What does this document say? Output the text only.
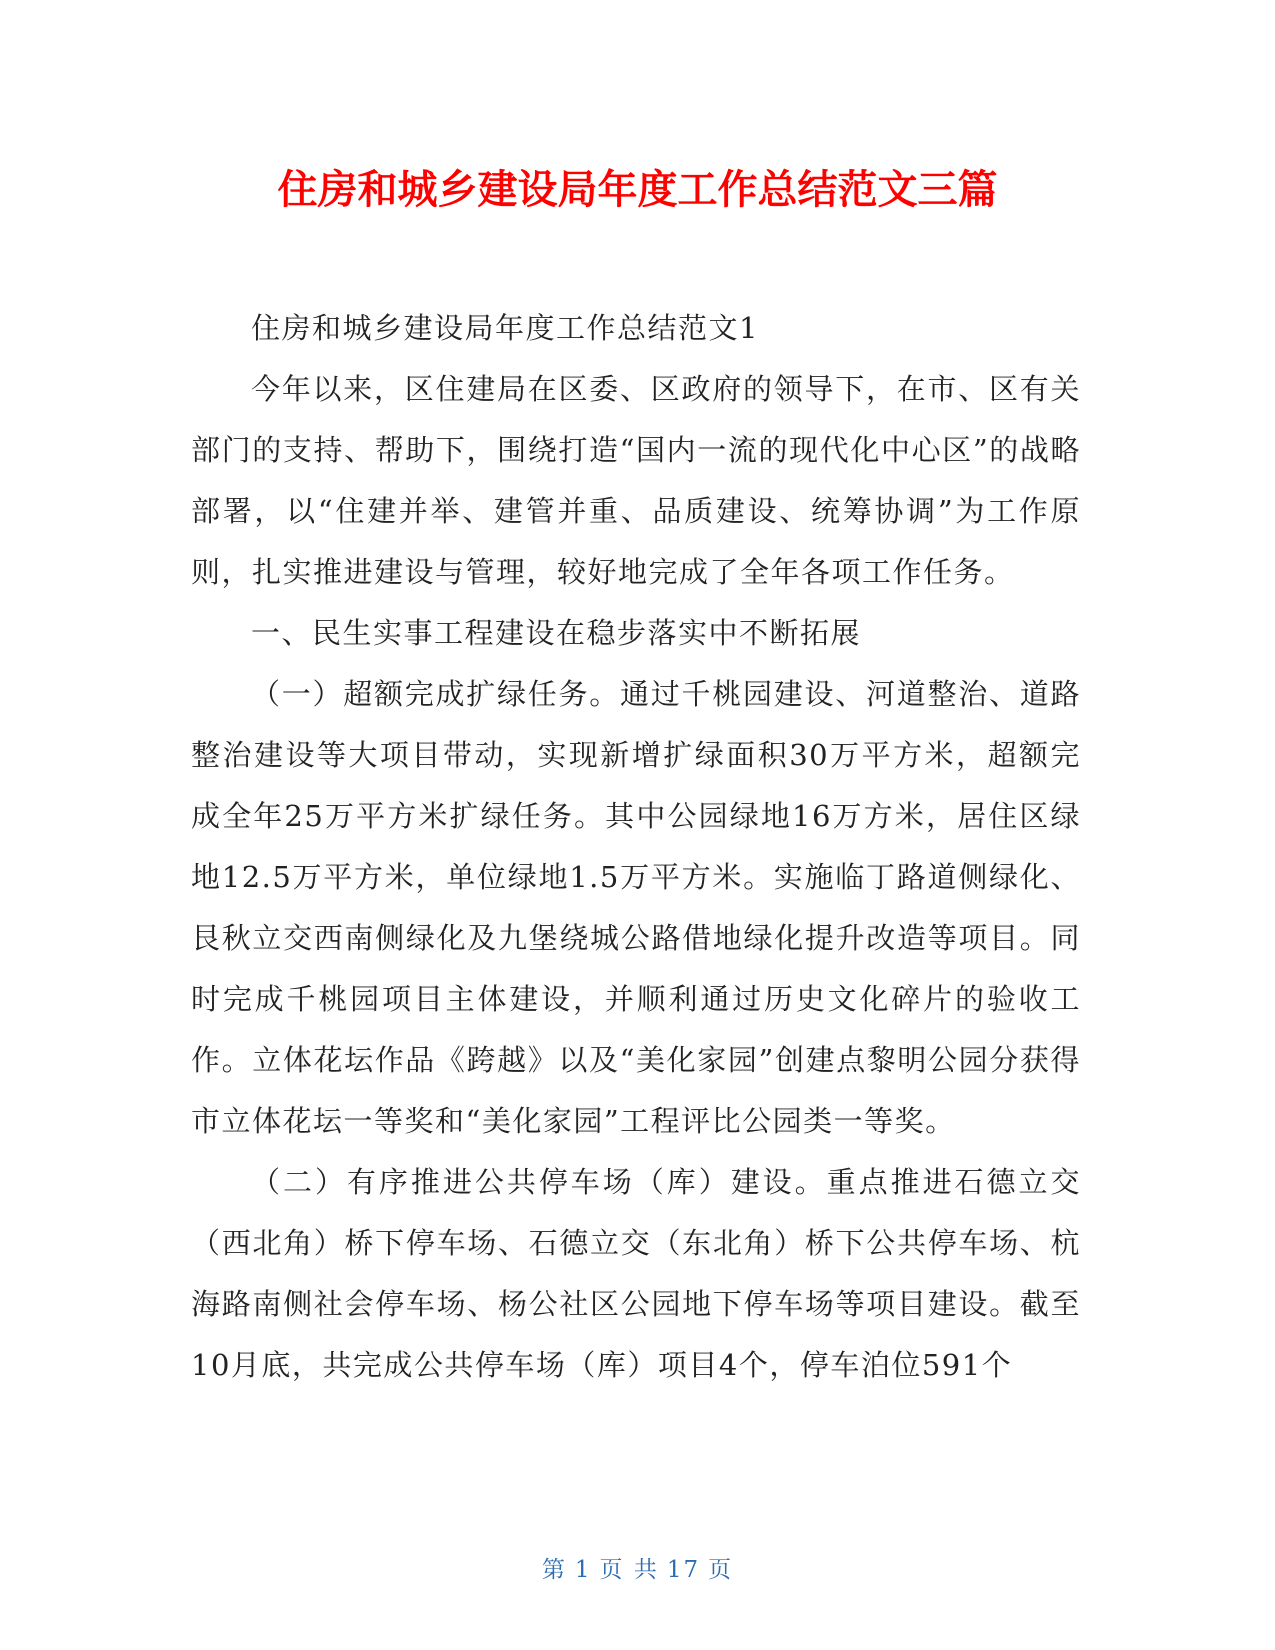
住房和城乡建设局年度工作总结范文三篇

住房和城乡建设局年度工作总结范文1

今年以来，区住建局在区委、区政府的领导下，在市、区有关部门的支持、帮助下，围绕打造“国内一流的现代化中心区”的战略部署，以“住建并举、建管并重、品质建设、统筹协调”为工作原则，扎实推进建设与管理，较好地完成了全年各项工作任务。

一、民生实事工程建设在稳步落实中不断拓展

（一）超额完成扩绿任务。通过千桃园建设、河道整治、道路整治建设等大项目带动，实现新增扩绿面积30万平方米，超额完成全年25万平方米扩绿任务。其中公园绿地16万方米，居住区绿地12.5万平方米，单位绿地1.5万平方米。实施临丁路道侧绿化、艮秋立交西南侧绿化及九堡绕城公路借地绿化提升改造等项目。同时完成千桃园项目主体建设，并顺利通过历史文化碎片的验收工作。立体花坛作品《跨越》以及“美化家园”创建点黎明公园分获得市立体花坛一等奖和“美化家园”工程评比公园类一等奖。

（二）有序推进公共停车场（库）建设。重点推进石德立交（西北角）桥下停车场、石德立交（东北角）桥下公共停车场、杭海路南侧社会停车场、杨公社区公园地下停车场等项目建设。截至10月底，共完成公共停车场（库）项目4个，停车泊位591个

第 1 页 共 17 页
